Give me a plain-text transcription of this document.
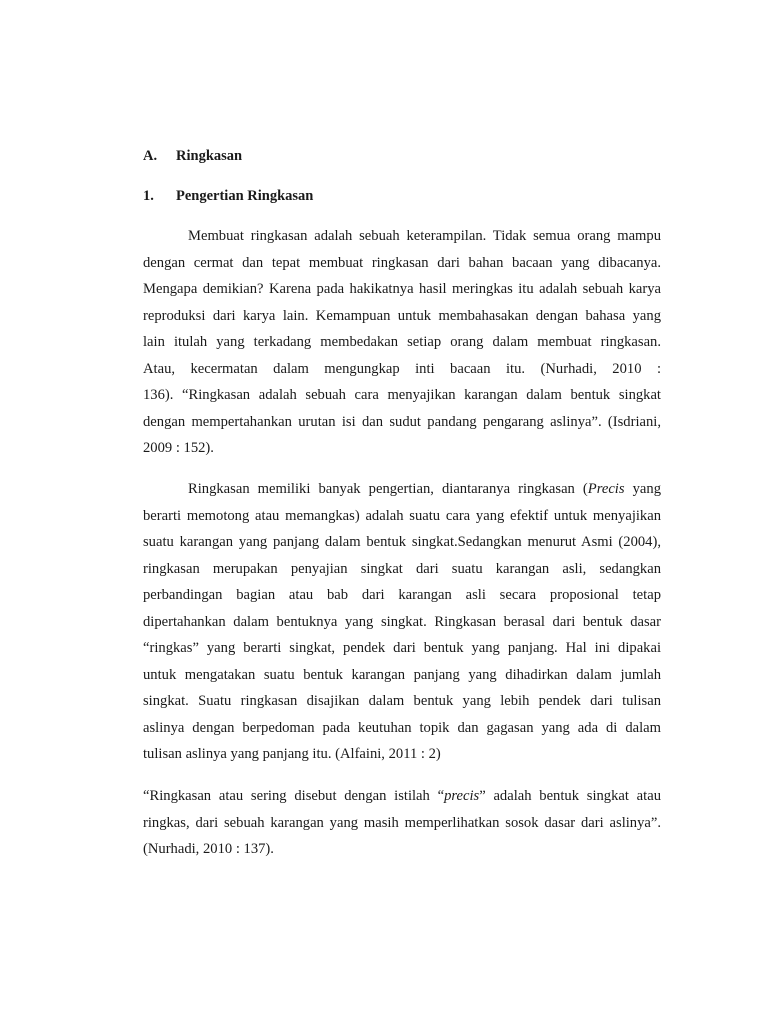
A.	Ringkasan
1.	Pengertian Ringkasan

Membuat ringkasan adalah sebuah keterampilan. Tidak semua orang mampu
dengan cermat dan tepat membuat ringkasan dari bahan bacaan yang dibacanya.
Mengapa demikian? Karena pada hakikatnya hasil meringkas itu adalah sebuah karya
reproduksi dari karya lain. Kemampuan untuk membahasakan dengan bahasa yang
lain itulah yang terkadang membedakan setiap orang dalam membuat ringkasan.
Atau, kecermatan dalam mengungkap inti bacaan itu. (Nurhadi, 2010 :
136). “Ringkasan adalah sebuah cara menyajikan karangan dalam bentuk singkat
dengan mempertahankan urutan isi dan sudut pandang pengarang aslinya”. (Isdriani,
2009 : 152).

Ringkasan memiliki banyak pengertian, diantaranya ringkasan (Precis yang
berarti memotong atau memangkas) adalah suatu cara yang efektif untuk menyajikan
suatu karangan yang panjang dalam bentuk singkat.Sedangkan menurut Asmi (2004),
ringkasan merupakan penyajian singkat dari suatu karangan asli, sedangkan
perbandingan bagian atau bab dari karangan asli secara proposional tetap
dipertahankan dalam bentuknya yang singkat. Ringkasan berasal dari bentuk dasar
“ringkas” yang berarti singkat, pendek dari bentuk yang panjang. Hal ini dipakai
untuk mengatakan suatu bentuk karangan panjang yang dihadirkan dalam jumlah
singkat. Suatu ringkasan disajikan dalam bentuk yang lebih pendek dari tulisan
aslinya dengan berpedoman pada keutuhan topik dan gagasan yang ada di dalam
tulisan aslinya yang panjang itu. (Alfaini, 2011 : 2)

“Ringkasan atau sering disebut dengan istilah “precis” adalah bentuk singkat atau
ringkas, dari sebuah karangan yang masih memperlihatkan sosok dasar dari aslinya”.
(Nurhadi, 2010 : 137).
